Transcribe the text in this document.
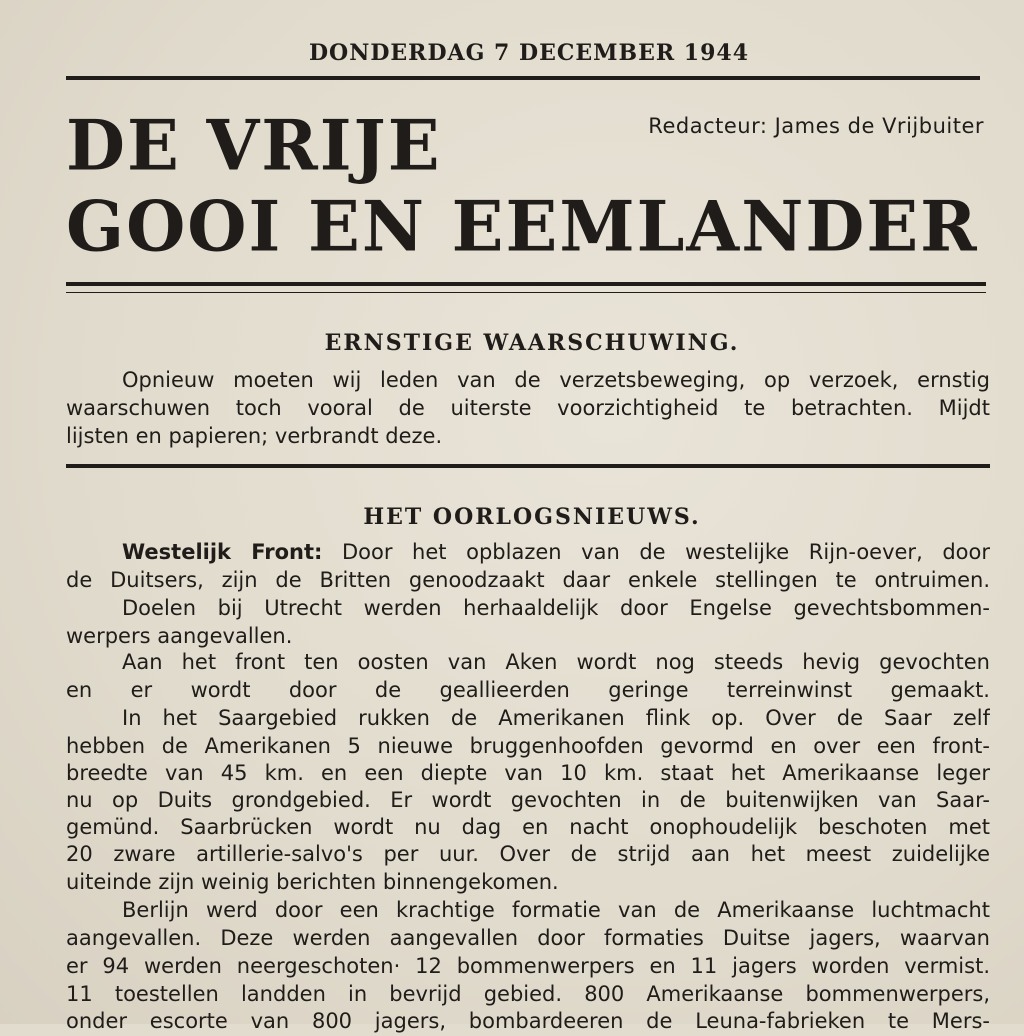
DONDERDAG 7 DECEMBER 1944
DE VRIJE
GOOI EN EEMLANDER
Redacteur: James de Vrijbuiter
ERNSTIGE WAARSCHUWING.
Opnieuw moeten wij leden van de verzetsbeweging, op verzoek, ernstig
waarschuwen toch vooral de uiterste voorzichtigheid te betrachten. Mijdt
lijsten en papieren; verbrandt deze.
HET OORLOGSNIEUWS.
Westelijk Front: Door het opblazen van de westelijke Rijn-oever, door
de Duitsers, zijn de Britten genoodzaakt daar enkele stellingen te ontruimen.
Doelen bij Utrecht werden herhaaldelijk door Engelse gevechtsbommen-
werpers aangevallen.
Aan het front ten oosten van Aken wordt nog steeds hevig gevochten
en er wordt door de geallieerden geringe terreinwinst gemaakt.
In het Saargebied rukken de Amerikanen flink op. Over de Saar zelf
hebben de Amerikanen 5 nieuwe bruggenhoofden gevormd en over een front-
breedte van 45 km. en een diepte van 10 km. staat het Amerikaanse leger
nu op Duits grondgebied. Er wordt gevochten in de buitenwijken van Saar-
gemünd. Saarbrücken wordt nu dag en nacht onophoudelijk beschoten met
20 zware artillerie-salvo's per uur. Over de strijd aan het meest zuidelijke
uiteinde zijn weinig berichten binnengekomen.
Berlijn werd door een krachtige formatie van de Amerikaanse luchtmacht
aangevallen. Deze werden aangevallen door formaties Duitse jagers, waarvan
er 94 werden neergeschoten· 12 bommenwerpers en 11 jagers worden vermist.
11 toestellen landden in bevrijd gebied. 800 Amerikaanse bommenwerpers,
onder escorte van 800 jagers, bombardeeren de Leuna-fabrieken te Mers-
